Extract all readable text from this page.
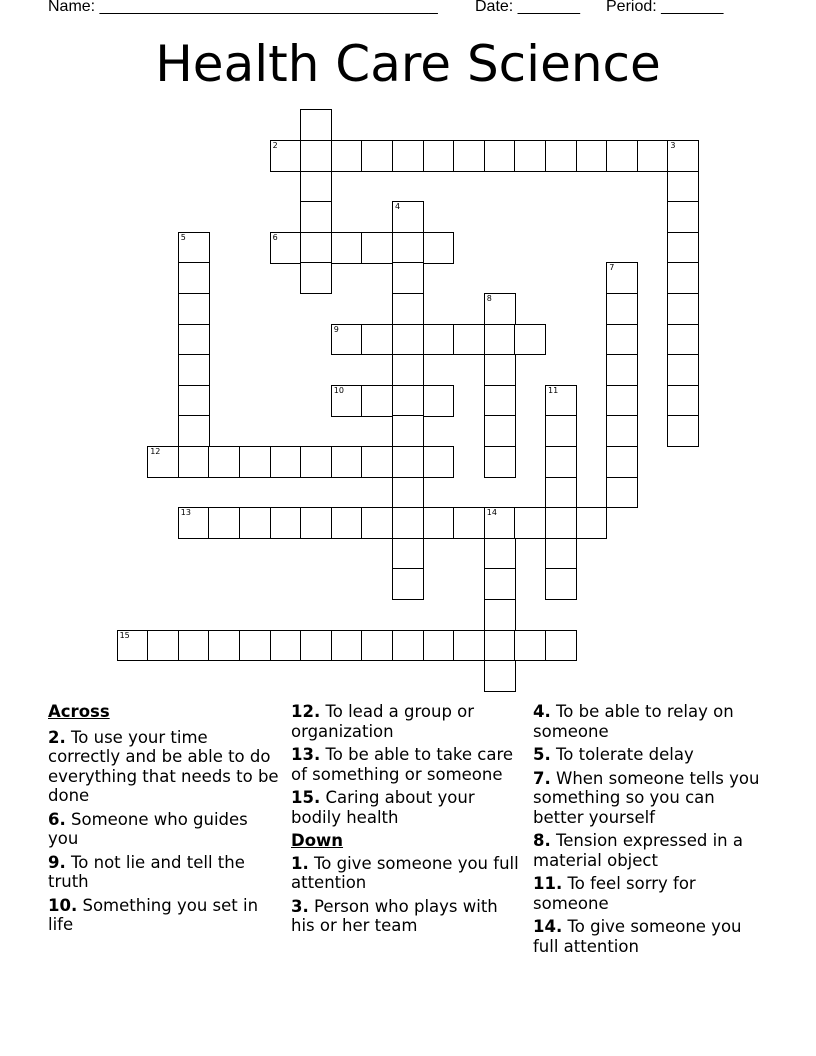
Name: ______________________________________ Date: _______ Period: _______
Health Care Science
2	3
4
5	6
7
8
9
10	11
12
13	14
15
Across
2. To use your time correctly and be able to do everything that needs to be done
6. Someone who guides you
9. To not lie and tell the truth
10. Something you set in life
12. To lead a group or organization
13. To be able to take care of something or someone
15. Caring about your bodily health
Down
1. To give someone you full attention
3. Person who plays with his or her team
4. To be able to relay on someone
5. To tolerate delay
7. When someone tells you something so you can better yourself
8. Tension expressed in a material object
11. To feel sorry for someone
14. To give someone you full attention
